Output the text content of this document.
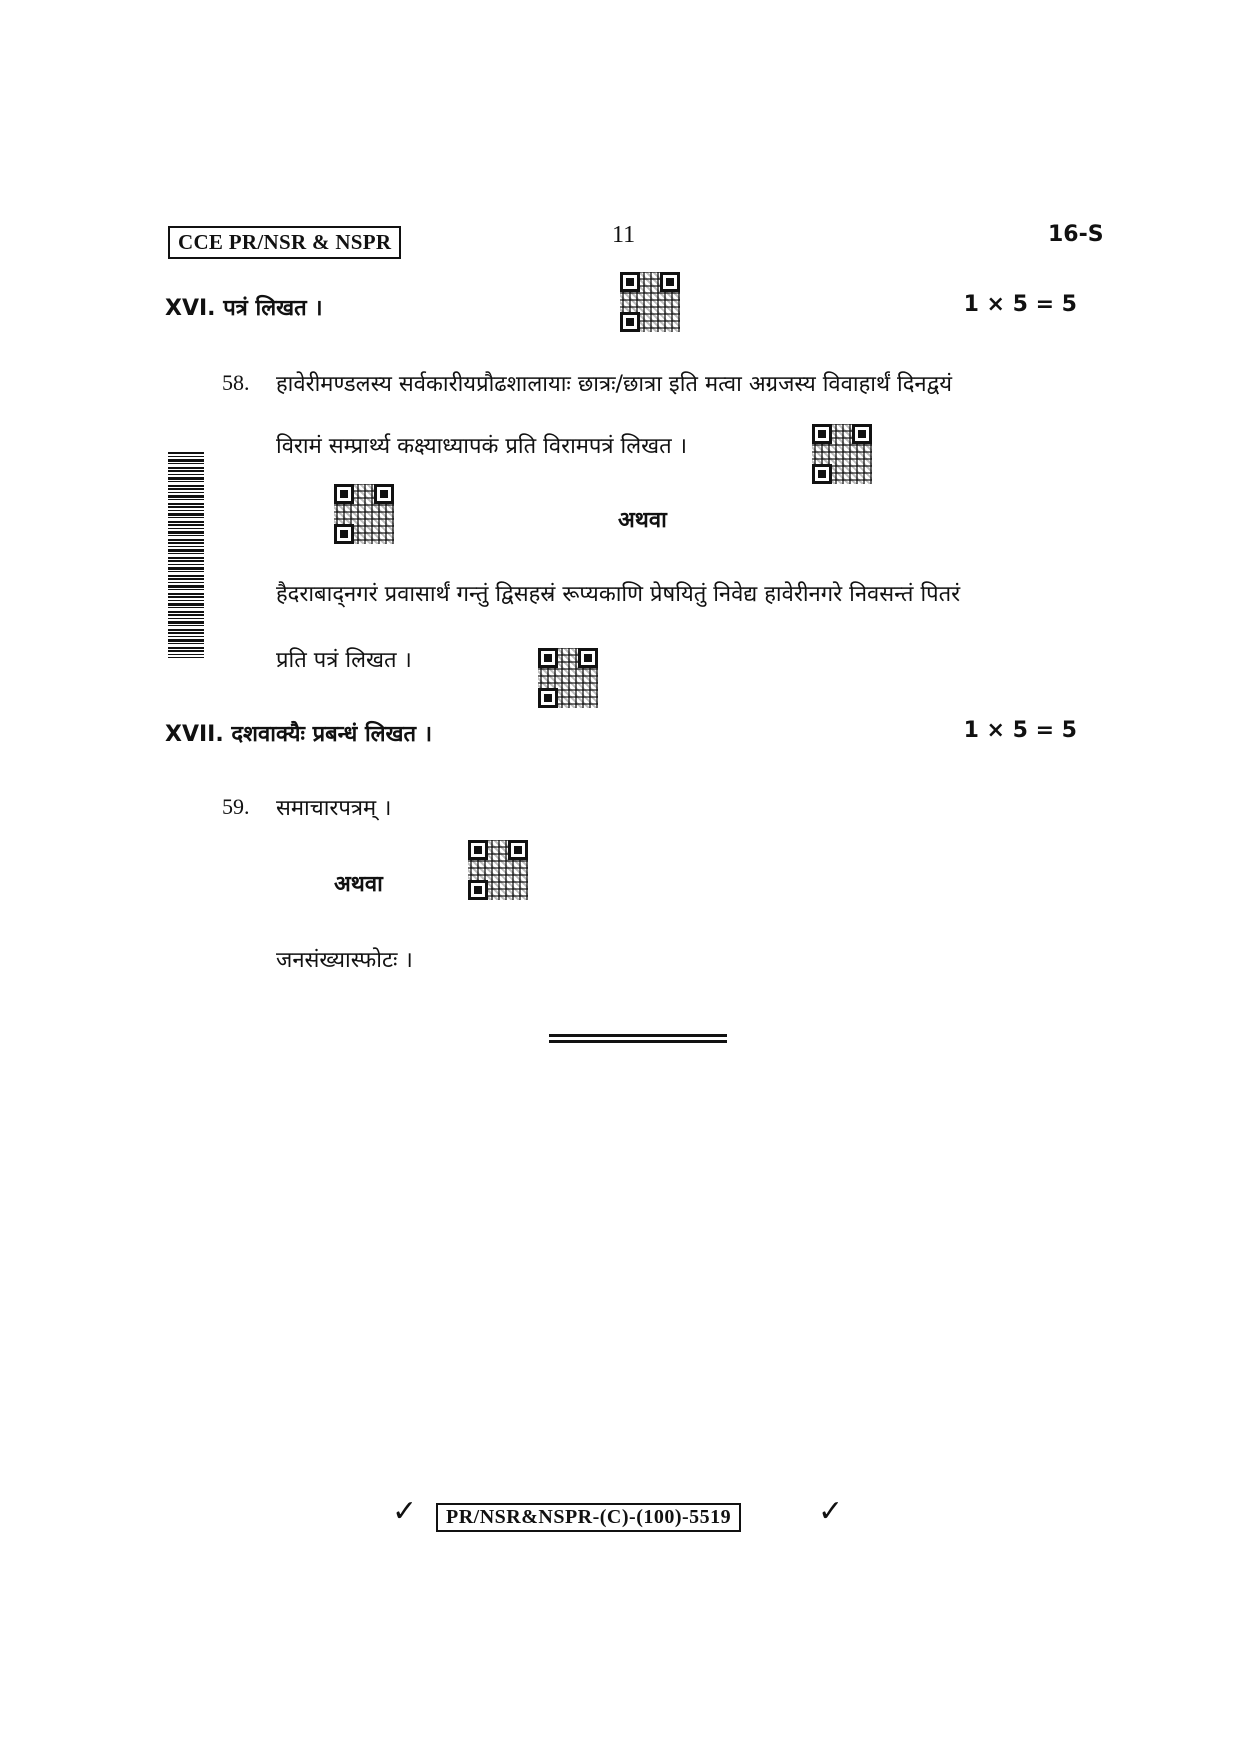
CCE PR/NSR & NSPR	11	16-S
XVI. पत्रं लिखत ।	1 × 5 = 5
58. हावेरीमण्डलस्य सर्वकारीयप्रौढशालायाः छात्रः/छात्रा इति मत्वा अग्रजस्य विवाहार्थं दिनद्वयं
विरामं सम्प्रार्थ्य कक्ष्याध्यापकं प्रति विरामपत्रं लिखत ।
अथवा
हैदराबाद्नगरं प्रवासार्थं गन्तुं द्विसहस्रं रूप्यकाणि प्रेषयितुं निवेद्य हावेरीनगरे निवसन्तं पितरं
प्रति पत्रं लिखत ।
XVII. दशवाक्यैः प्रबन्धं लिखत ।	1 × 5 = 5
59. समाचारपत्रम् ।
अथवा
जनसंख्यास्फोटः ।
✓	PR/NSR&NSPR-(C)-(100)-5519	✓
